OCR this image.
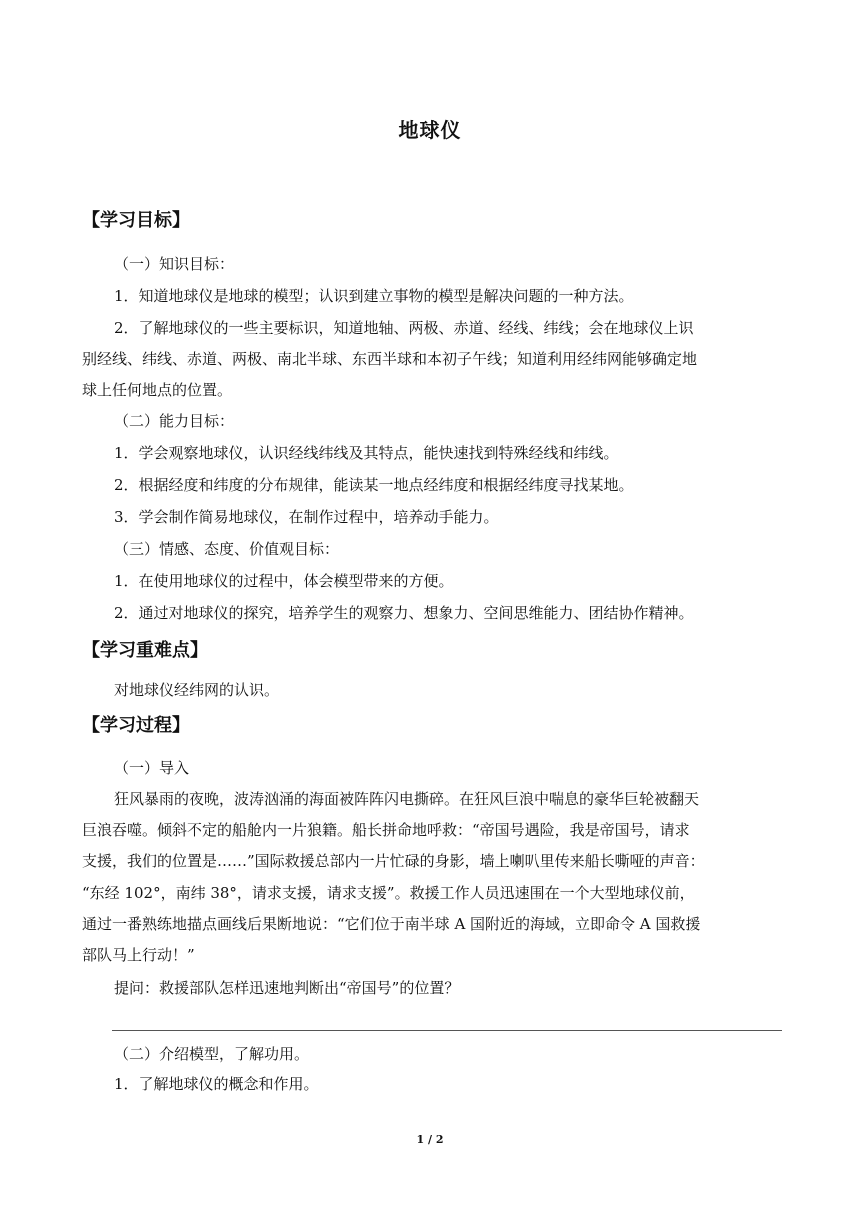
地球仪
【学习目标】
（一）知识目标：
1．知道地球仪是地球的模型；认识到建立事物的模型是解决问题的一种方法。
2．了解地球仪的一些主要标识，知道地轴、两极、赤道、经线、纬线；会在地球仪上识
别经线、纬线、赤道、两极、南北半球、东西半球和本初子午线；知道利用经纬网能够确定地
球上任何地点的位置。
（二）能力目标：
1．学会观察地球仪，认识经线纬线及其特点，能快速找到特殊经线和纬线。
2．根据经度和纬度的分布规律，能读某一地点经纬度和根据经纬度寻找某地。
3．学会制作简易地球仪，在制作过程中，培养动手能力。
（三）情感、态度、价值观目标：
1．在使用地球仪的过程中，体会模型带来的方便。
2．通过对地球仪的探究，培养学生的观察力、想象力、空间思维能力、团结协作精神。
【学习重难点】
对地球仪经纬网的认识。
【学习过程】
（一）导入
狂风暴雨的夜晚，波涛汹涌的海面被阵阵闪电撕碎。在狂风巨浪中喘息的豪华巨轮被翻天
巨浪吞噬。倾斜不定的船舱内一片狼籍。船长拼命地呼救：“帝国号遇险，我是帝国号，请求
支援，我们的位置是……”国际救援总部内一片忙碌的身影，墙上喇叭里传来船长嘶哑的声音：
“东经 102°，南纬 38°，请求支援，请求支援”。救援工作人员迅速围在一个大型地球仪前，
通过一番熟练地描点画线后果断地说：“它们位于南半球 A 国附近的海域，立即命令 A 国救援
部队马上行动！”
提问：救援部队怎样迅速地判断出“帝国号”的位置？
（二）介绍模型，了解功用。
1．了解地球仪的概念和作用。
1 / 2
